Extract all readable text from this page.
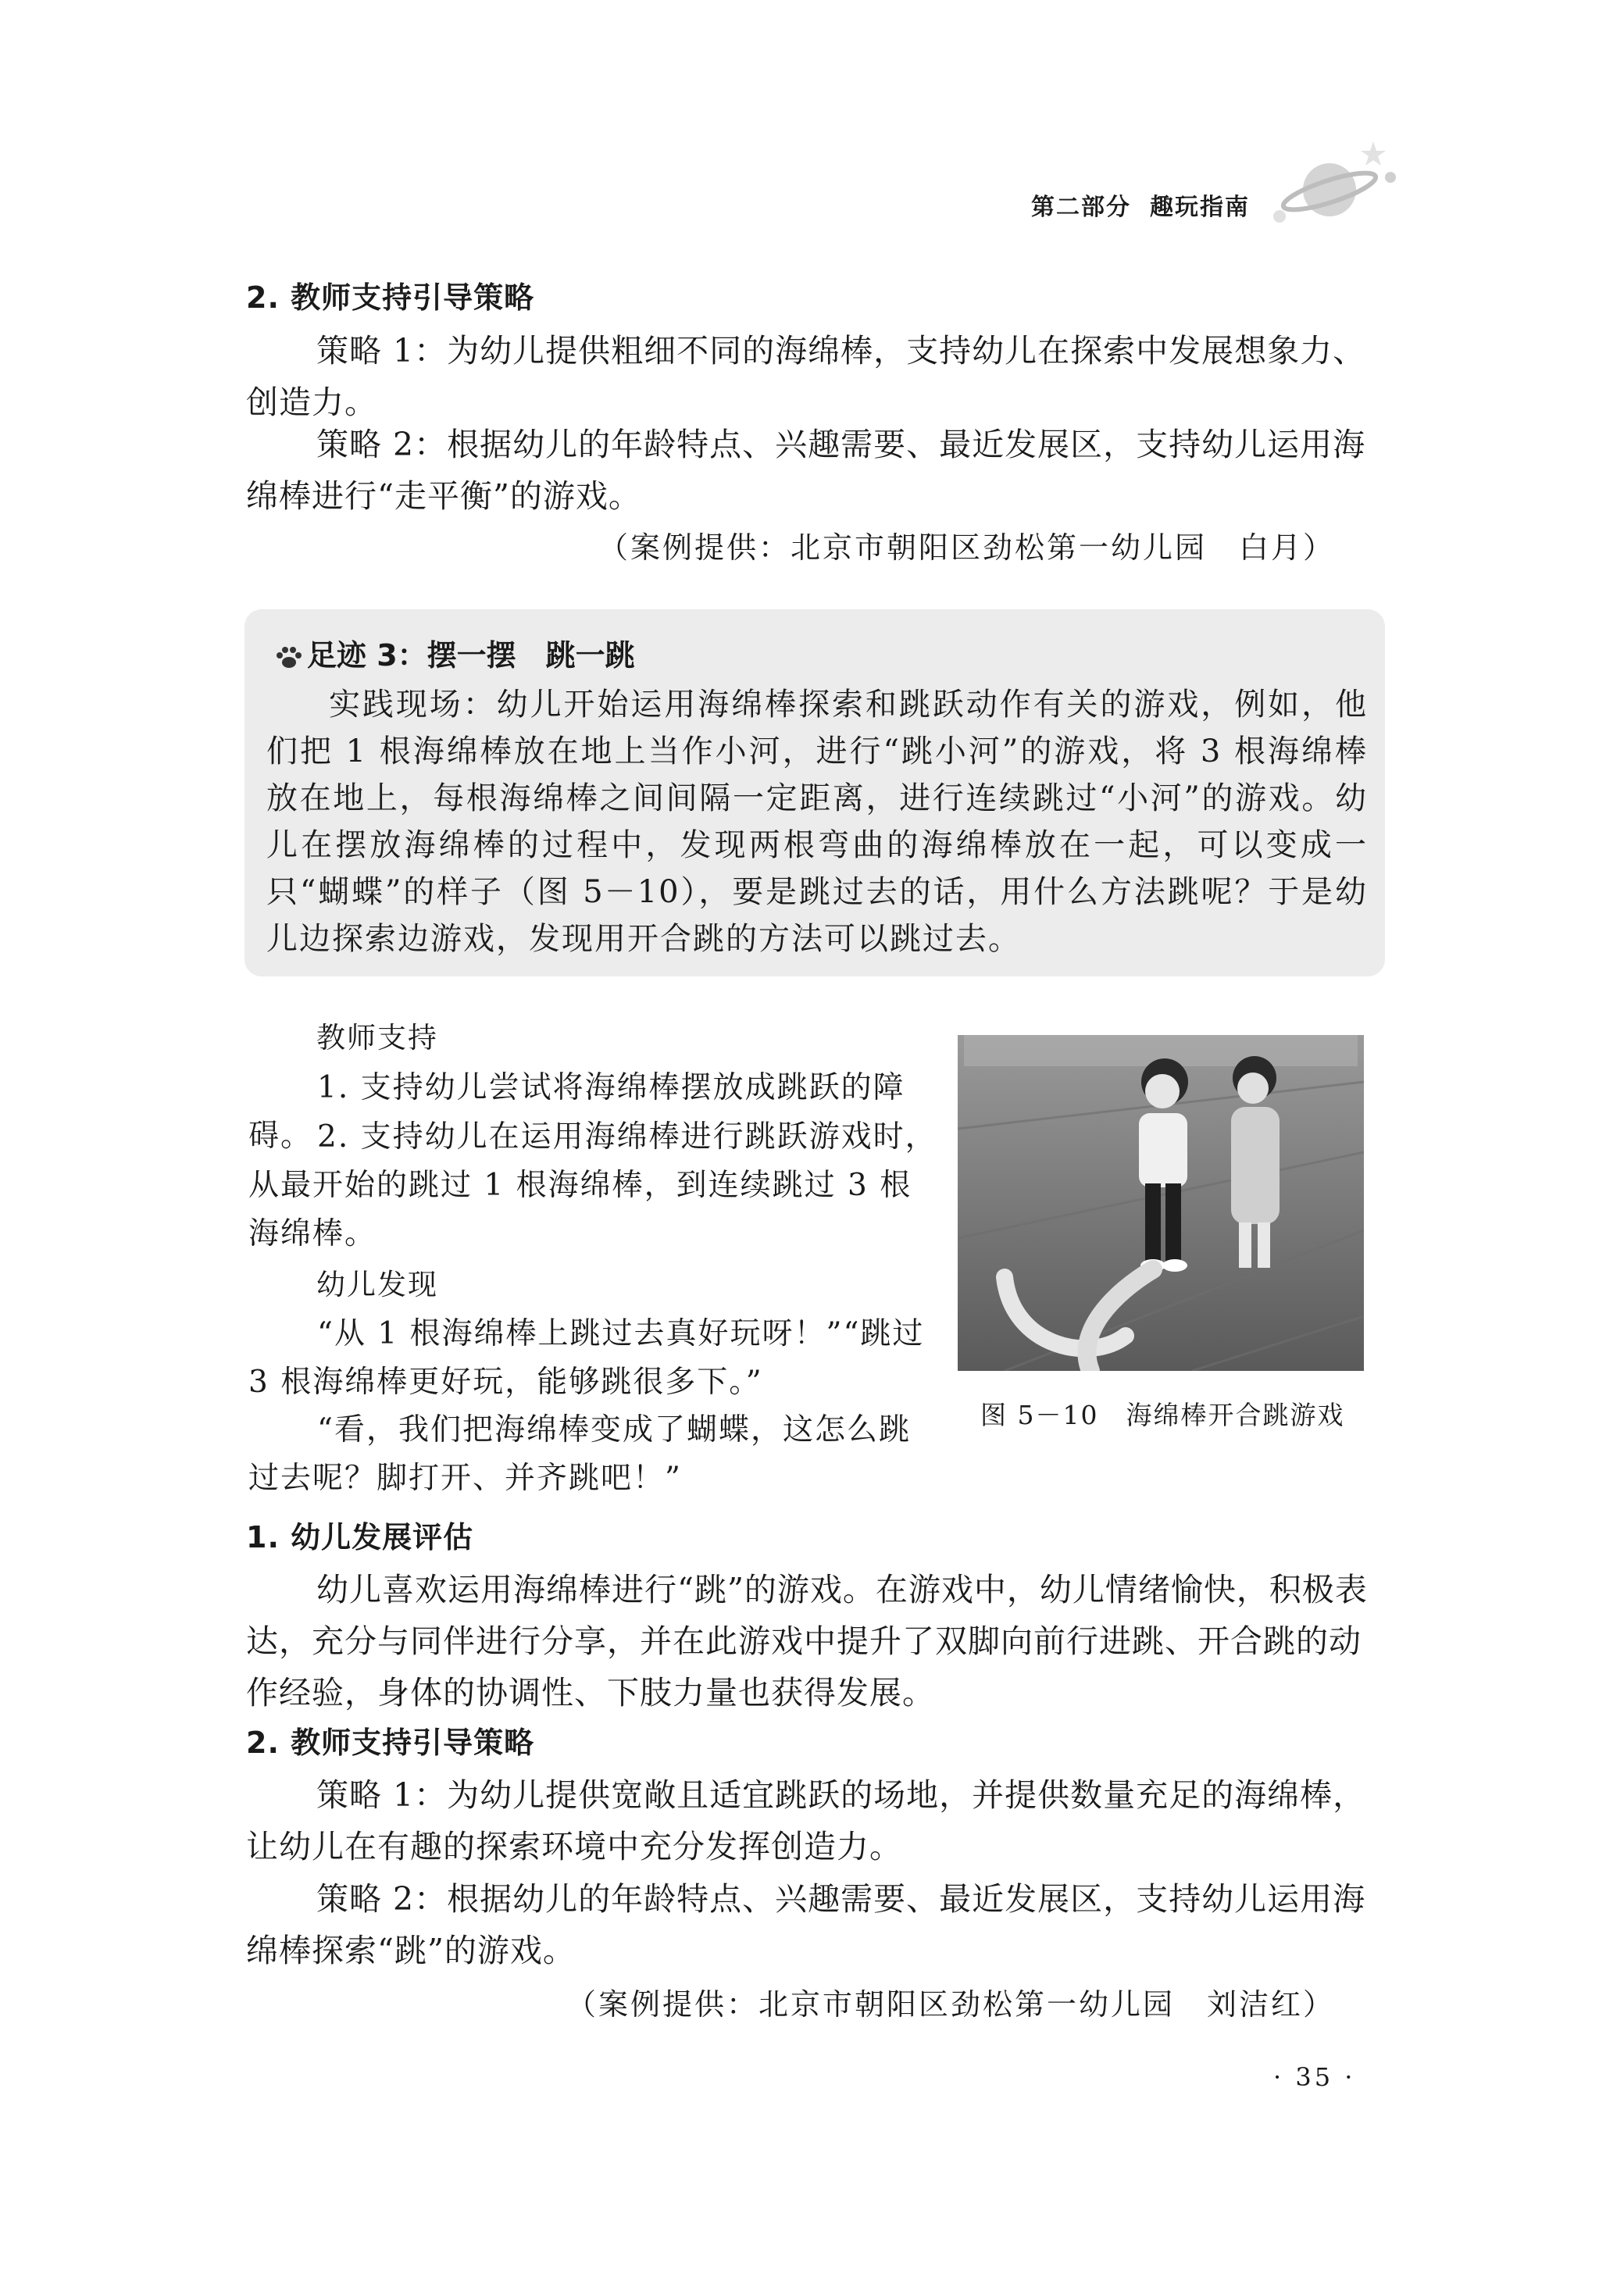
第二部分 趣玩指南
2. 教师支持引导策略
策略 1：为幼儿提供粗细不同的海绵棒，支持幼儿在探索中发展想象力、创造力。
策略 2：根据幼儿的年龄特点、兴趣需要、最近发展区，支持幼儿运用海绵棒进行“走平衡”的游戏。
（案例提供：北京市朝阳区劲松第一幼儿园　白月）
足迹 3：摆一摆　跳一跳
实践现场：幼儿开始运用海绵棒探索和跳跃动作有关的游戏，例如，他们把 1 根海绵棒放在地上当作小河，进行“跳小河”的游戏，将 3 根海绵棒放在地上，每根海绵棒之间间隔一定距离，进行连续跳过“小河”的游戏。幼儿在摆放海绵棒的过程中，发现两根弯曲的海绵棒放在一起，可以变成一只“蝴蝶”的样子（图 5－10），要是跳过去的话，用什么方法跳呢？于是幼儿边探索边游戏，发现用开合跳的方法可以跳过去。
教师支持
1. 支持幼儿尝试将海绵棒摆放成跳跃的障碍。 2. 支持幼儿在运用海绵棒进行跳跃游戏时，从最开始的跳过 1 根海绵棒，到连续跳过 3 根海绵棒。
幼儿发现
“从 1 根海绵棒上跳过去真好玩呀！”“跳过 3 根海绵棒更好玩，能够跳很多下。”
“看，我们把海绵棒变成了蝴蝶，这怎么跳过去呢？脚打开、并齐跳吧！”
图 5－10　海绵棒开合跳游戏
1. 幼儿发展评估
幼儿喜欢运用海绵棒进行“跳”的游戏。在游戏中，幼儿情绪愉快，积极表达，充分与同伴进行分享，并在此游戏中提升了双脚向前行进跳、开合跳的动作经验，身体的协调性、下肢力量也获得发展。
2. 教师支持引导策略
策略 1：为幼儿提供宽敞且适宜跳跃的场地，并提供数量充足的海绵棒，让幼儿在有趣的探索环境中充分发挥创造力。
策略 2：根据幼儿的年龄特点、兴趣需要、最近发展区，支持幼儿运用海绵棒探索“跳”的游戏。
（案例提供：北京市朝阳区劲松第一幼儿园　刘洁红）
· 35 ·
